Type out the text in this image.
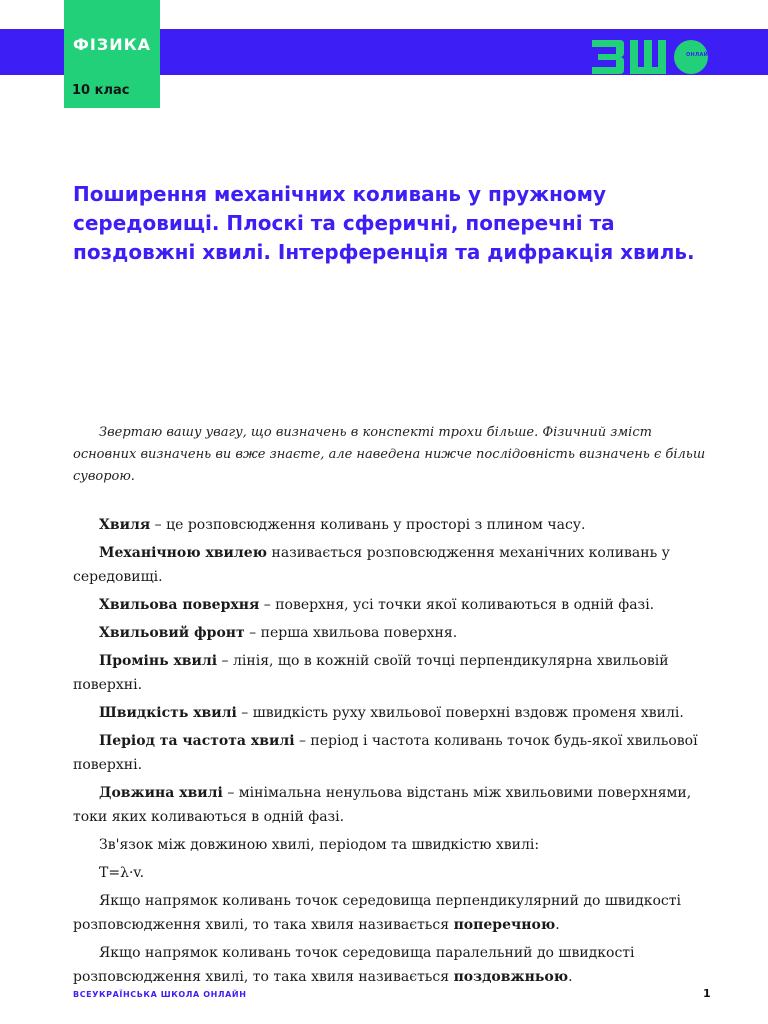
ФІЗИКА
10 клас
ОНЛАЙН
Поширення механічних коливань у пружному середовищі. Плоскі та сферичні, поперечні та поздовжні хвилі. Інтерференція та дифракція хвиль.

Звертаю вашу увагу, що визначень в конспекті трохи більше. Фізичний зміст основних визначень ви вже знаєте, але наведена нижче послідовність визначень є більш суворою.

Хвиля – це розповсюдження коливань у просторі з плином часу.

Механічною хвилею називається розповсюдження механічних коливань у середовищі.

Хвильова поверхня – поверхня, усі точки якої коливаються в одній фазі.

Хвильовий фронт – перша хвильова поверхня.

Промінь хвилі – лінія, що в кожній своїй точці перпендикулярна хвильовій поверхні.

Швидкість хвилі – швидкість руху хвильової поверхні вздовж променя хвилі.

Період та частота хвилі – період і частота коливань точок будь-якої хвильової поверхні.

Довжина хвилі – мінімальна ненульова відстань між хвильовими поверхнями, токи яких коливаються в одній фазі.

Зв'язок між довжиною хвилі, періодом та швидкістю хвилі:

T=λ·v.

Якщо напрямок коливань точок середовища перпендикулярний до швидкості розповсюдження хвилі, то така хвиля називається поперечною.

Якщо напрямок коливань точок середовища паралельний до швидкості розповсюдження хвилі, то така хвиля називається поздовжньою.

ВСЕУКРАЇНСЬКА ШКОЛА ОНЛАЙН	1
